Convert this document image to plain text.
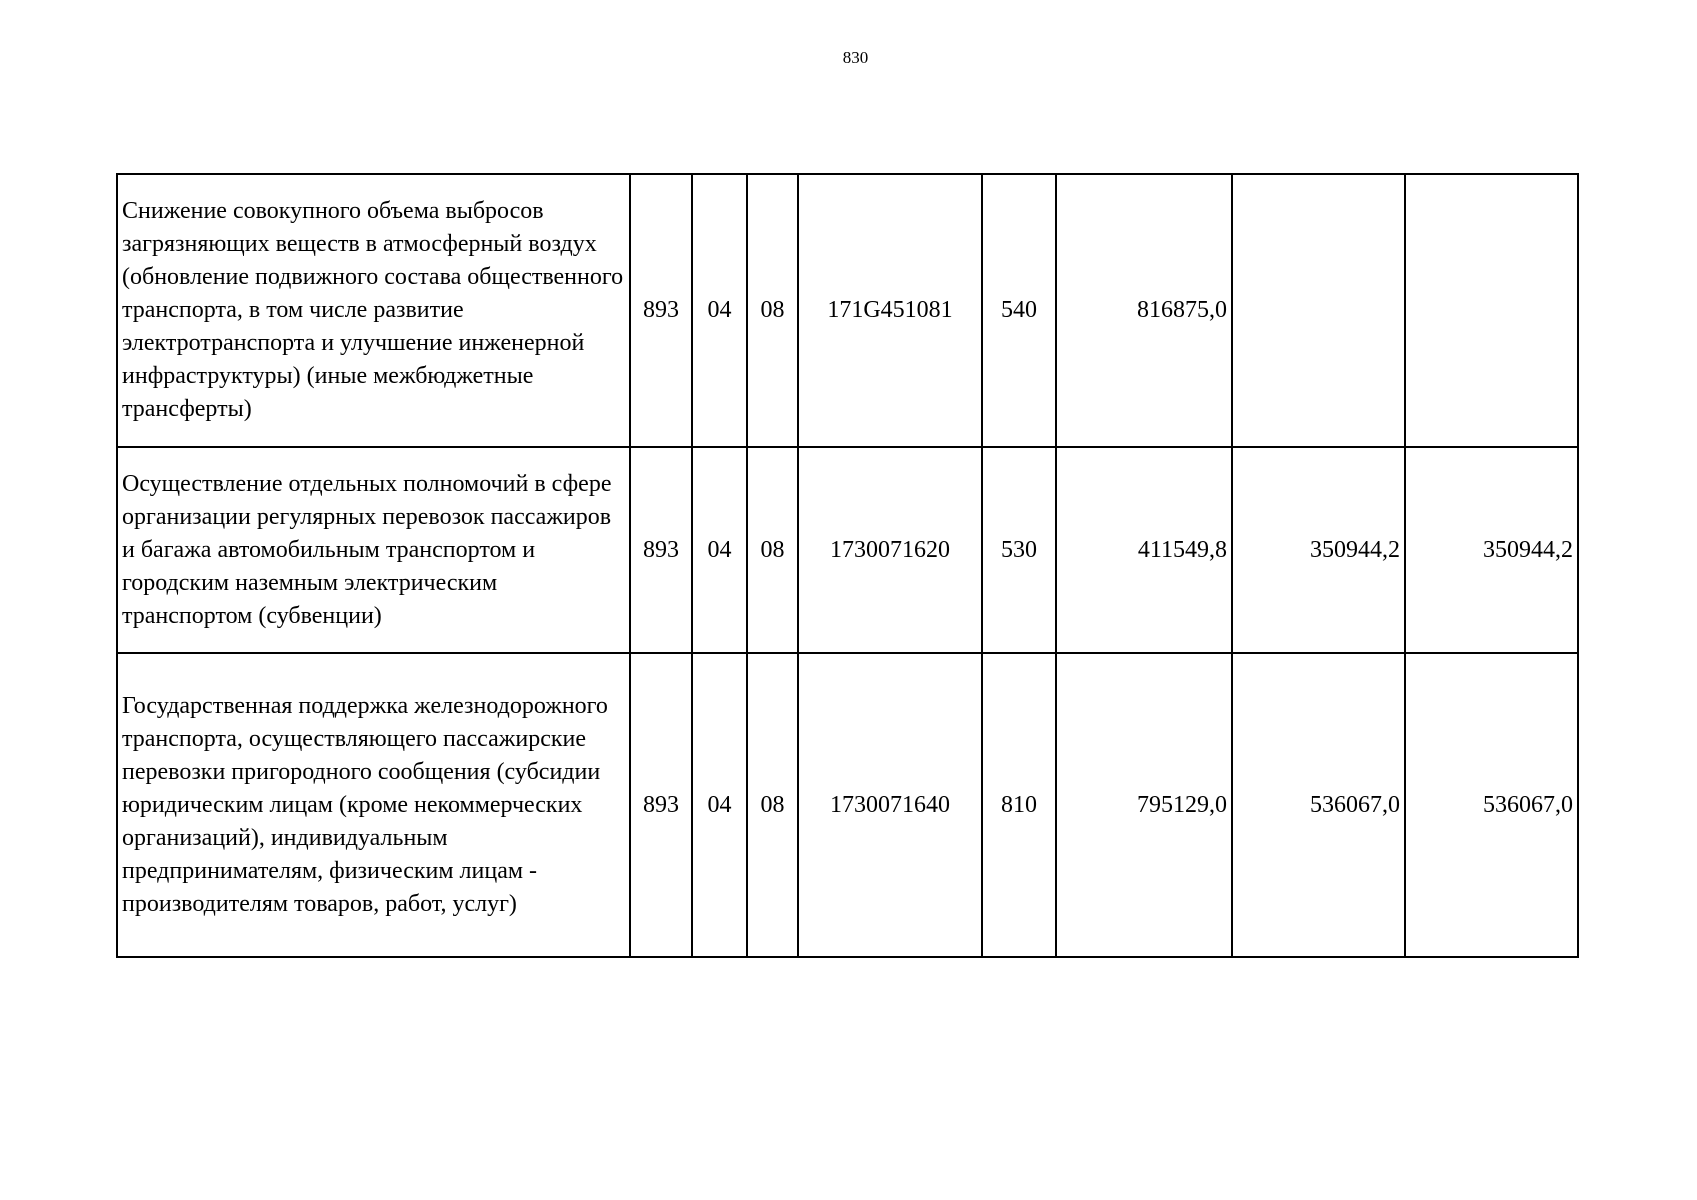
830
Снижение совокупного объема выбросов загрязняющих веществ в атмосферный воздух (обновление подвижного состава общественного транспорта, в том числе развитие электротранспорта и улучшение инженерной инфраструктуры) (иные межбюджетные трансферты)	893	04	08	171G451081	540	816875,0		
Осуществление отдельных полномочий в сфере организации регулярных перевозок пассажиров и багажа автомобильным транспортом и городским наземным электрическим транспортом (субвенции)	893	04	08	1730071620	530	411549,8	350944,2	350944,2
Государственная поддержка железнодорожного транспорта, осуществляющего пассажирские перевозки пригородного сообщения (субсидии юридическим лицам (кроме некоммерческих организаций), индивидуальным предпринимателям, физическим лицам - производителям товаров, работ, услуг)	893	04	08	1730071640	810	795129,0	536067,0	536067,0
